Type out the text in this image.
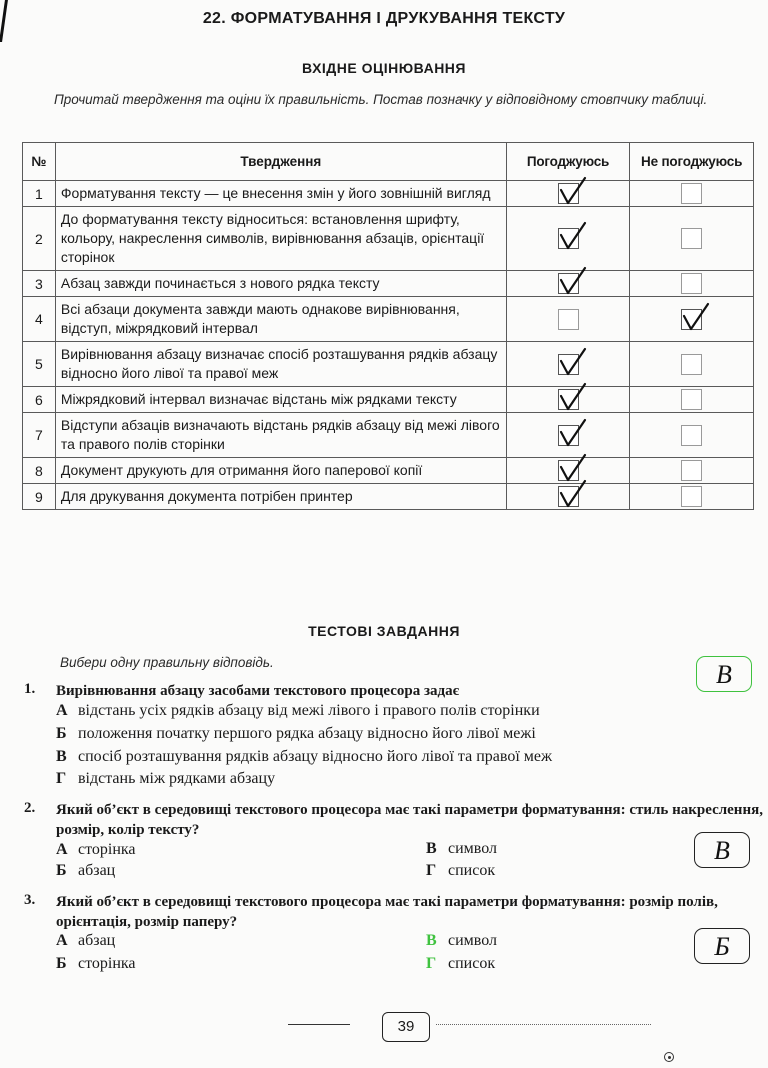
22. ФОРМАТУВАННЯ І ДРУКУВАННЯ ТЕКСТУ
ВХІДНЕ ОЦІНЮВАННЯ
Прочитай твердження та оціни їх правильність. Постав позначку у відповідному стовпчику таблиці.
№	Твердження	Погоджуюсь	Не погоджуюсь
1	Форматування тексту — це внесення змін у його зовнішній вигляд	

2	До форматування тексту відноситься: встановлення шрифту, кольору, накреслення символів, вирівнювання абзаців, орієнтації сторінок	

3	Абзац завжди починається з нового рядка тексту	

4	Всі абзаци документа завжди мають однакове вирівнювання, відступ, міжрядковий інтервал		

5	Вирівнювання абзацу визначає спосіб розташування рядків абзацу відносно його лівої та правої меж	

6	Міжрядковий інтервал визначає відстань між рядками тексту	

7	Відступи абзаців визначають відстань рядків абзацу від межі лівого та правого полів сторінки	

8	Документ друкують для отримання його паперової копії	

9	Для друкування документа потрібен принтер	

ТЕСТОВІ ЗАВДАННЯ
Вибери одну правильну відповідь.
1. Вирівнювання абзацу засобами текстового процесора задає
А відстань усіх рядків абзацу від межі лівого і правого полів сторінки
Б положення початку першого рядка абзацу відносно його лівої межі
В спосіб розташування рядків абзацу відносно його лівої та правої меж
Г відстань між рядками абзацу
В
2. Який об’єкт в середовищі текстового процесора має такі параметри форматування: стиль накреслення, розмір, колір тексту?
А сторінка
Б абзац
В символ
Г список
В
3. Який об’єкт в середовищі текстового процесора має такі параметри форматування: розмір полів, орієнтація, розмір паперу?
А абзац
Б сторінка
В символ
Г список
Б
39
